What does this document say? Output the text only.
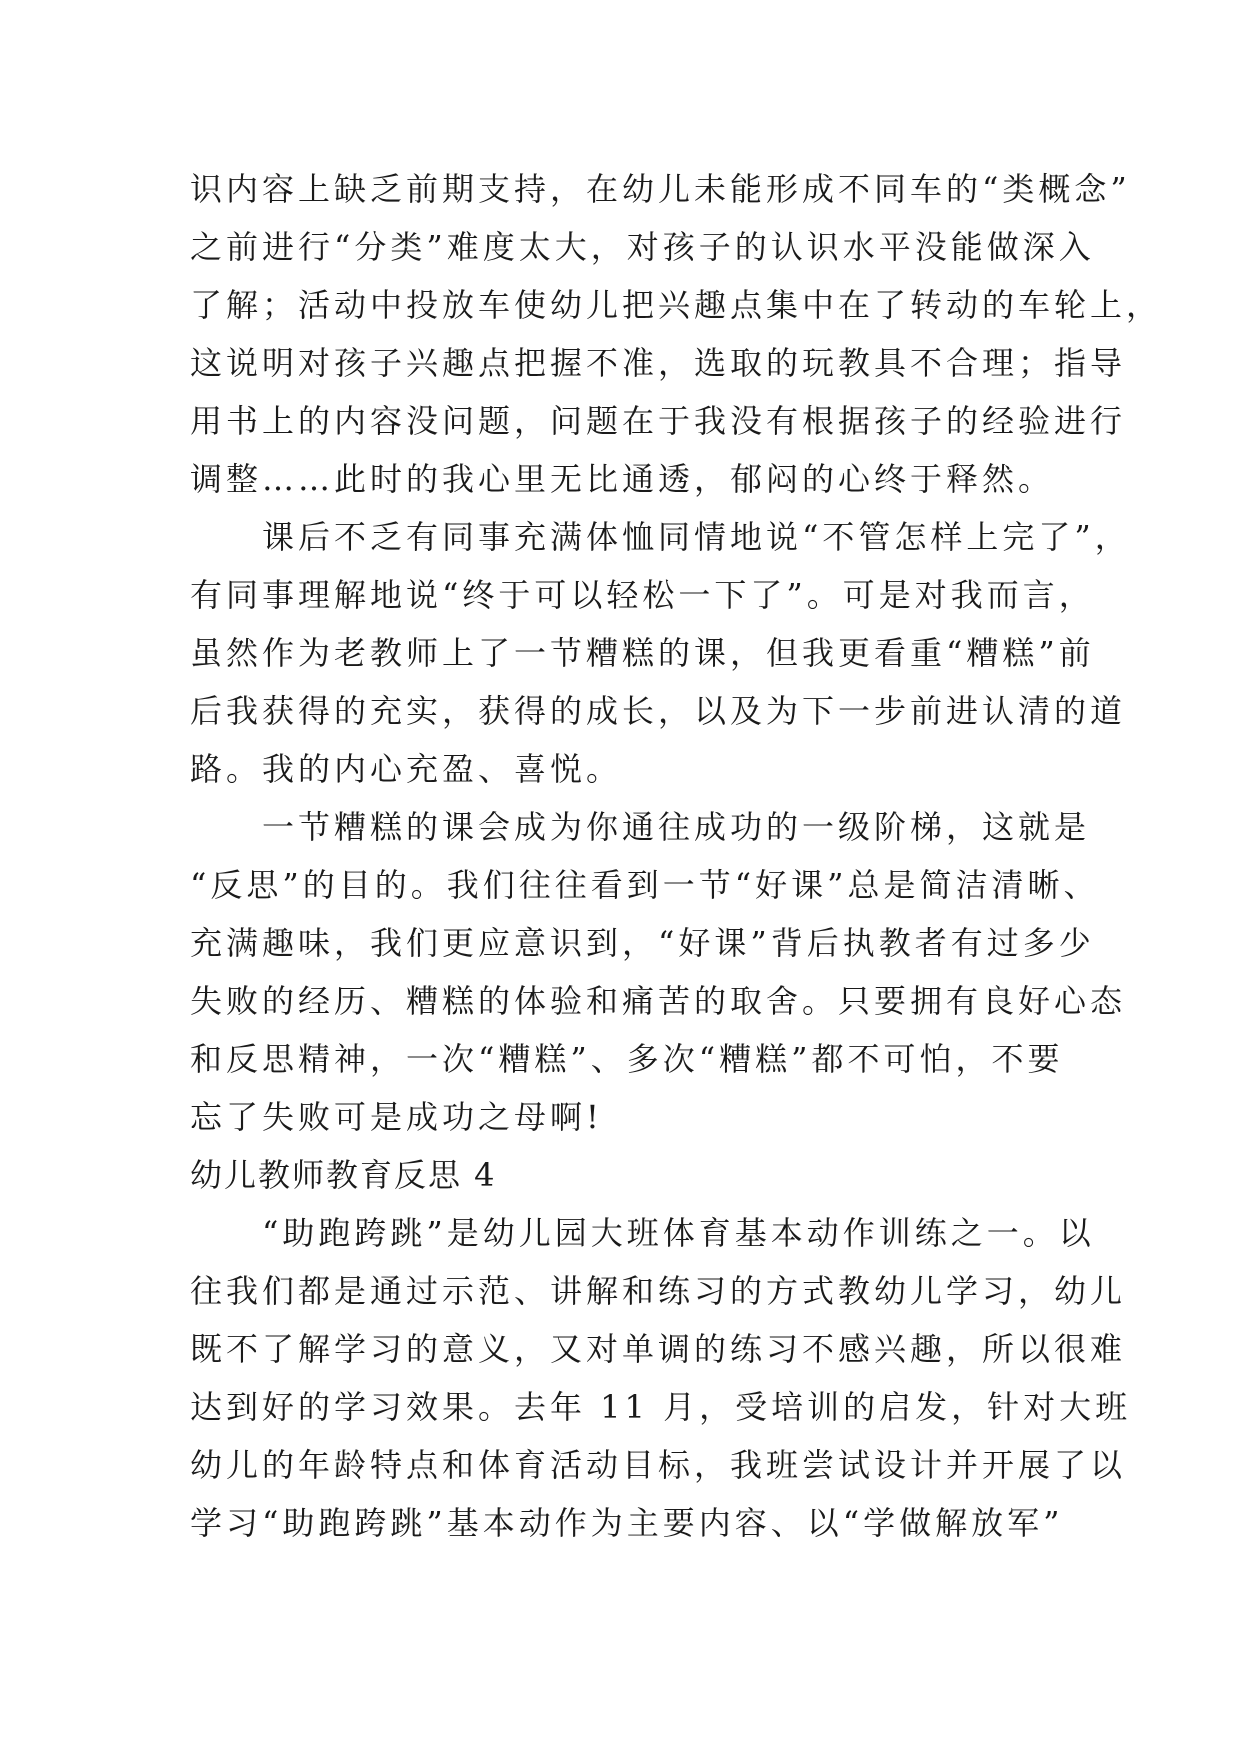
识内容上缺乏前期支持，在幼儿未能形成不同车的“类概念”
之前进行“分类”难度太大，对孩子的认识水平没能做深入
了解；活动中投放车使幼儿把兴趣点集中在了转动的车轮上，
这说明对孩子兴趣点把握不准，选取的玩教具不合理；指导
用书上的内容没问题，问题在于我没有根据孩子的经验进行
调整……此时的我心里无比通透，郁闷的心终于释然。
　　课后不乏有同事充满体恤同情地说“不管怎样上完了”，
有同事理解地说“终于可以轻松一下了”。可是对我而言，
虽然作为老教师上了一节糟糕的课，但我更看重“糟糕”前
后我获得的充实，获得的成长，以及为下一步前进认清的道
路。我的内心充盈、喜悦。
　　一节糟糕的课会成为你通往成功的一级阶梯，这就是
“反思”的目的。我们往往看到一节“好课”总是简洁清晰、
充满趣味，我们更应意识到，“好课”背后执教者有过多少
失败的经历、糟糕的体验和痛苦的取舍。只要拥有良好心态
和反思精神，一次“糟糕”、多次“糟糕”都不可怕，不要
忘了失败可是成功之母啊!
幼儿教师教育反思 4
　　“助跑跨跳”是幼儿园大班体育基本动作训练之一。以
往我们都是通过示范、讲解和练习的方式教幼儿学习，幼儿
既不了解学习的意义，又对单调的练习不感兴趣，所以很难
达到好的学习效果。去年 11 月，受培训的启发，针对大班
幼儿的年龄特点和体育活动目标，我班尝试设计并开展了以
学习“助跑跨跳”基本动作为主要内容、以“学做解放军”
